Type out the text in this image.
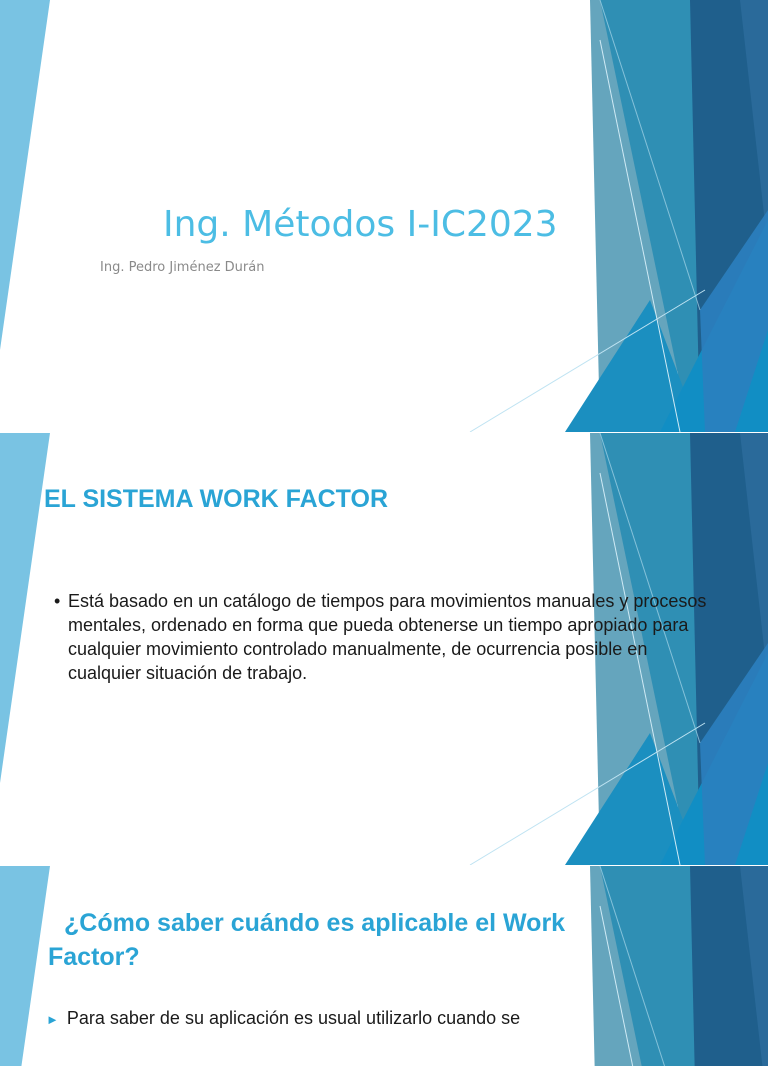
Ing. Métodos I-IC2023

Ing. Pedro Jiménez Durán

EL SISTEMA WORK FACTOR

• Está basado en un catálogo de tiempos para movimientos manuales y procesos mentales, ordenado en forma que pueda obtenerse un tiempo apropiado para cualquier movimiento controlado manualmente, de ocurrencia posible en cualquier situación de trabajo.

¿Cómo saber cuándo es aplicable el Work Factor?

► Para saber de su aplicación es usual utilizarlo cuando se
